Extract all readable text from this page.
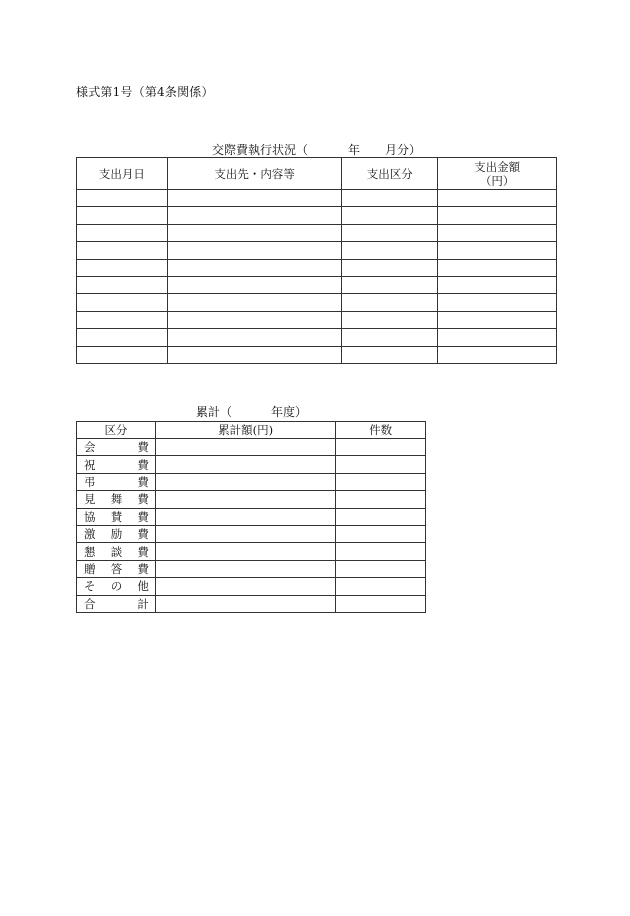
様式第1号（第4条関係）
交際費執行状況（	年 月分）
支出月日	支出先・内容等	支出区分	支出金額
（円）

累計（	年度）
区分	累計額(円)	件数

会 費		

祝 費		

弔 費		

見 舞 費		

協 賛 費		

激 励 費		

懇 談 費		

贈 答 費		

そ の 他		

合 計		
